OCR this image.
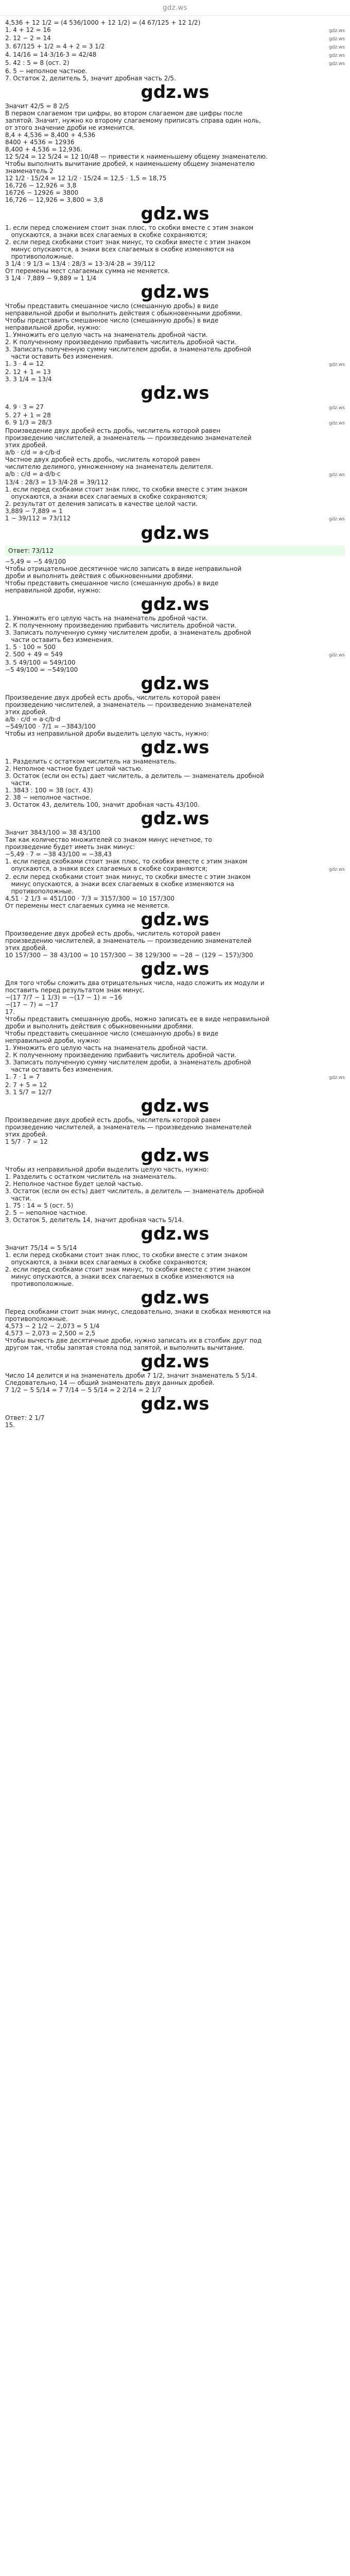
gdz.ws
4,536 + 12 1/2 = (4 536/1000 + 12 1/2) = (4 67/125 + 12 1/2)
1. 4 + 12 = 16	gdz.ws
2. 12 − 2 = 14	gdz.ws
3. 67/125 + 1/2 = 4 + 2 = 3 1/2	gdz.ws
4. 14/16 = 14·3/16·3 = 42/48	gdz.ws
5. 42 : 5 = 8 (ост. 2)	gdz.ws
6. 5 − неполное частное.
7. Остаток 2, делитель 5, значит дробная часть 2/5.
gdz.ws
Значит 42/5 = 8 2/5
В первом слагаемом три цифры, во втором слагаемом две цифры после
запятой. Значит, нужно ко второму слагаемому приписать справа один ноль,
от этого значение дроби не изменится.
8,4 + 4,536 = 8,400 + 4,536
8400 + 4536 = 12936
8,400 + 4,536 = 12,936.
12 5/24 = 12 5/24 = 12 10/48 — привести к наименьшему общему знаменателю.
Чтобы выполнить вычитание дробей, к наименьшему общему знаменателю
знаменатель 2
12 1/2 · 15/24 = 12 1/2 · 15/24 = 12,5 · 1,5 = 18,75
16,726 − 12,926 = 3,8
16726 − 12926 = 3800
16,726 − 12,926 = 3,800 = 3,8
gdz.ws
1. если перед сложением стоит знак плюс, то скобки вместе с этим знаком
опускаются, а знаки всех слагаемых в скобке сохраняются;
2. если перед скобками стоит знак минус, то скобки вместе с этим знаком
минус опускаются, а знаки всех слагаемых в скобке изменяются на
противоположные.
3 1/4 : 9 1/3 = 13/4 : 28/3 = 13·3/4·28 = 39/112
От перемены мест слагаемых сумма не меняется.
3 1/4 · 7,889 − 9,889 = 1 1/4
gdz.ws
Чтобы представить смешанное число (смешанную дробь) в виде
неправильной дроби и выполнить действия с обыкновенными дробями.
Чтобы представить смешанное число (смешанную дробь) в виде
неправильной дроби, нужно:
1. Умножить его целую часть на знаменатель дробной части.
2. К полученному произведению прибавить числитель дробной части.
3. Записать полученную сумму числителем дроби, а знаменатель дробной
части оставить без изменения.
1. 3 · 4 = 12	gdz.ws
2. 12 + 1 = 13
3. 3 1/4 = 13/4
gdz.ws
4. 9 · 3 = 27	gdz.ws
5. 27 + 1 = 28
6. 9 1/3 = 28/3	gdz.ws
Произведение двух дробей есть дробь, числитель которой равен
произведению числителей, а знаменатель — произведению знаменателей
этих дробей.
a/b · c/d = a·c/b·d
Частное двух дробей есть дробь, числитель которой равен
числителю делимого, умноженному на знаменатель делителя.
a/b : c/d = a·d/b·c	gdz.ws
13/4 : 28/3 = 13·3/4·28 = 39/112
1. если перед скобками стоит знак плюс, то скобки вместе с этим знаком
опускаются, а знаки всех слагаемых в скобке сохраняются;
2. результат от деления записать в качестве целой части.
3,889 − 7,889 = 1
1 − 39/112 = 73/112	gdz.ws
gdz.ws
Ответ: 73/112
−5,49 = −5 49/100
Чтобы отрицательное десятичное число записать в виде неправильной
дроби и выполнить действия с обыкновенными дробями.
Чтобы представить смешанное число (смешанную дробь) в виде
неправильной дроби, нужно:
gdz.ws
1. Умножить его целую часть на знаменатель дробной части.
2. К полученному произведению прибавить числитель дробной части.
3. Записать полученную сумму числителем дроби, а знаменатель дробной
части оставить без изменения.
1. 5 · 100 = 500
2. 500 + 49 = 549	gdz.ws
3. 5 49/100 = 549/100
−5 49/100 = −549/100
gdz.ws
Произведение двух дробей есть дробь, числитель которой равен
произведению числителей, а знаменатель — произведению знаменателей
этих дробей.
a/b · c/d = a·c/b·d
−549/100 · 7/1 = −3843/100
Чтобы из неправильной дроби выделить целую часть, нужно:
gdz.ws
1. Разделить с остатком числитель на знаменатель.
2. Неполное частное будет целой частью.
3. Остаток (если он есть) дает числитель, а делитель — знаменатель дробной
части.
1. 3843 : 100 = 38 (ост. 43)
2. 38 − неполное частное.
3. Остаток 43, делитель 100, значит дробная часть 43/100.
gdz.ws
Значит 3843/100 = 38 43/100
Так как количество множителей со знаком минус нечетное, то
произведение будет иметь знак минус:
−5,49 · 7 = −38 43/100 = −38,43
1. если перед скобками стоит знак плюс, то скобки вместе с этим знаком
опускаются, а знаки всех слагаемых в скобке сохраняются;	gdz.ws
2. если перед скобками стоит знак минус, то скобки вместе с этим знаком
минус опускаются, а знаки всех слагаемых в скобке изменяются на
противоположные.
4,51 · 2 1/3 = 451/100 · 7/3 = 3157/300 = 10 157/300
От перемены мест слагаемых сумма не меняется.
gdz.ws
Произведение двух дробей есть дробь, числитель которой равен
произведению числителей, а знаменатель — произведению знаменателей
этих дробей.
10 157/300 − 38 43/100 = 10 157/300 − 38 129/300 = −28 − (129 − 157)/300
gdz.ws
Для того чтобы сложить два отрицательных числа, надо сложить их модули и
поставить перед результатом знак минус.
−(17 7/7 − 1 1/3) = −(17 − 1) = −16
−(17 − 7) = −17
17.
Чтобы представить смешанную дробь, можно записать ее в виде неправильной
дроби и выполнить действия с обыкновенными дробями.
Чтобы представить смешанное число (смешанную дробь) в виде
неправильной дроби, нужно:
1. Умножить его целую часть на знаменатель дробной части.
2. К полученному произведению прибавить числитель дробной части.
3. Записать полученную сумму числителем дроби, а знаменатель дробной
части оставить без изменения.
1. 7 · 1 = 7	gdz.ws
2. 7 + 5 = 12
3. 1 5/7 = 12/7
gdz.ws
Произведение двух дробей есть дробь, числитель которой равен
произведению числителей, а знаменатель — произведению знаменателей
этих дробей.
1 5/7 · 7 = 12
gdz.ws
Чтобы из неправильной дроби выделить целую часть, нужно:
1. Разделить с остатком числитель на знаменатель.
2. Неполное частное будет целой частью.
3. Остаток (если он есть) дает числитель, а делитель — знаменатель дробной
части.
1. 75 : 14 = 5 (ост. 5)
2. 5 − неполное частное.
3. Остаток 5, делитель 14, значит дробная часть 5/14.
gdz.ws
Значит 75/14 = 5 5/14
1. если перед скобками стоит знак плюс, то скобки вместе с этим знаком
опускаются, а знаки всех слагаемых в скобке сохраняются;
2. если перед скобками стоит знак минус, то скобки вместе с этим знаком
минус опускаются, а знаки всех слагаемых в скобке изменяются на
противоположные.
gdz.ws
Перед скобками стоит знак минус, следовательно, знаки в скобках меняются на
противоположные.
4,573 − 2 1/2 − 2,073 = 5 1/4
4,573 − 2,073 = 2,500 = 2,5
Чтобы вычесть две десятичные дроби, нужно записать их в столбик друг под
другом так, чтобы запятая стояла под запятой, и выполнить вычитание.
gdz.ws
Число 14 делится и на знаменатель дроби 7 1/2, значит знаменатель 5 5/14.
Следовательно, 14 — общий знаменатель двух данных дробей.
7 1/2 − 5 5/14 = 7 7/14 − 5 5/14 = 2 2/14 = 2 1/7
gdz.ws
Ответ: 2 1/7
15.
